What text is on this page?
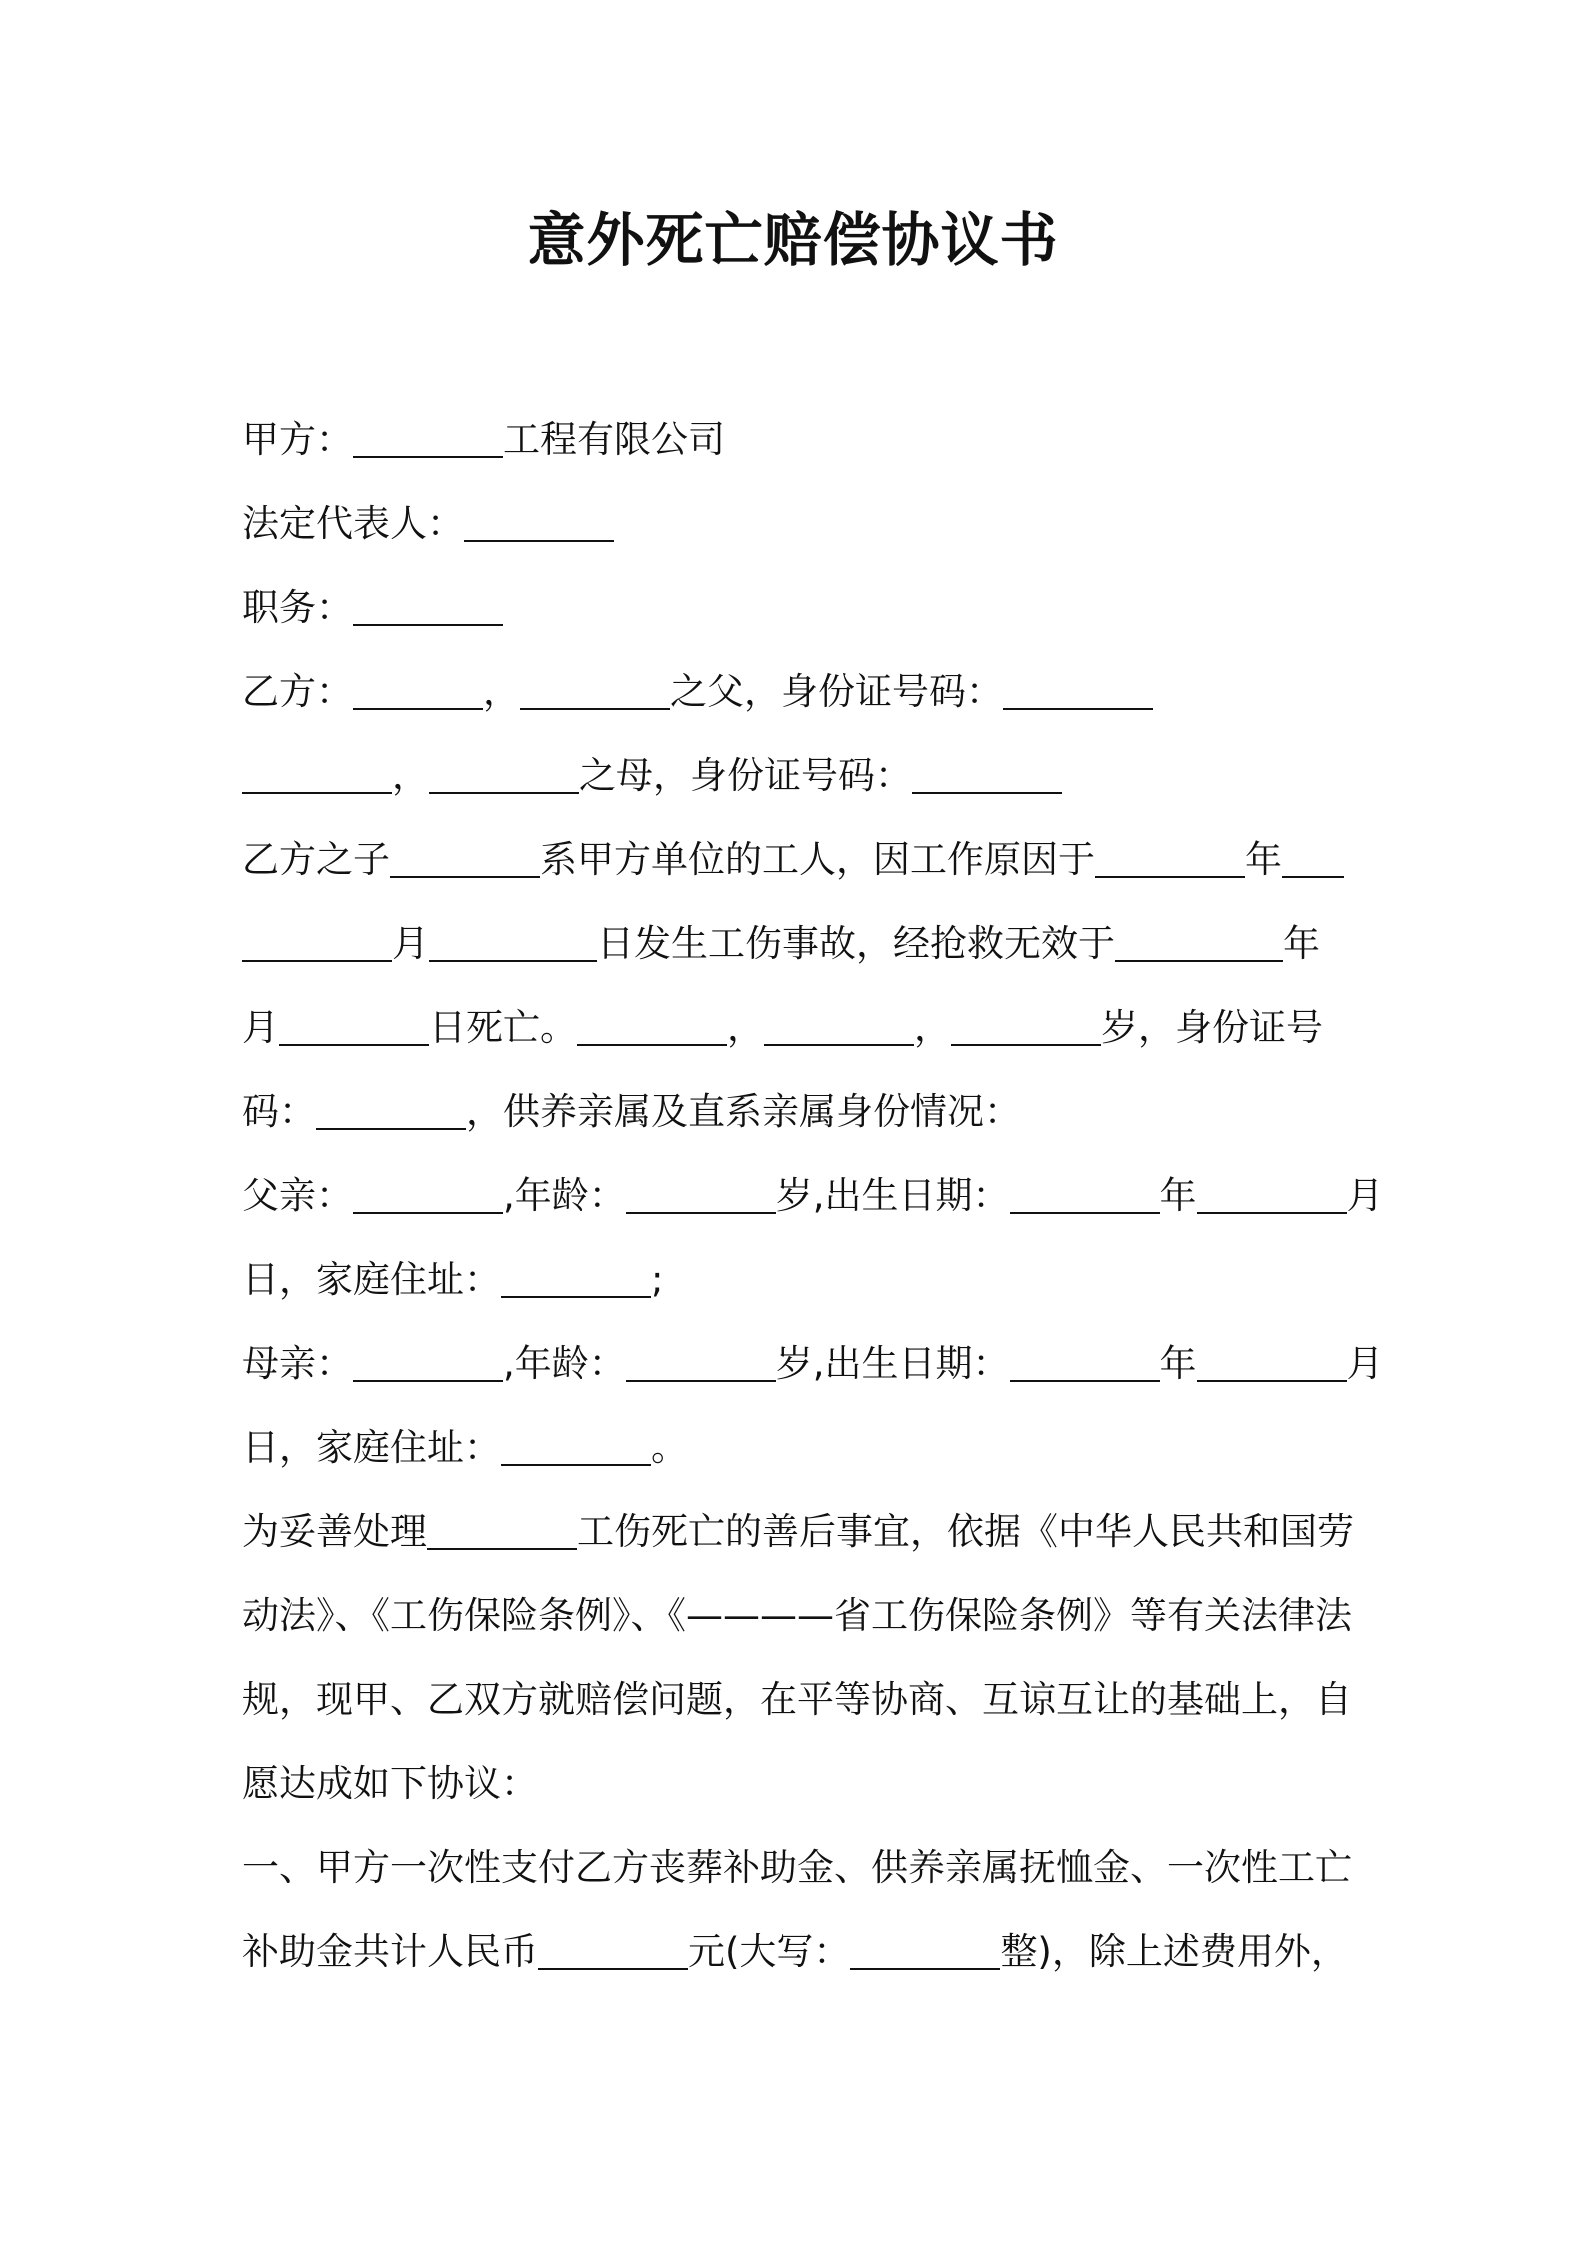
意外死亡赔偿协议书
甲方：	工程有限公司
法定代表人：
职务：
乙方：	，	之父，身份证号码：
，	之母，身份证号码：
乙方之子	系甲方单位的工人，因工作原因于	年
月	日发生工伤事故，经抢救无效于	年
月	日死亡。	，	，	岁，身份证号
码：	，供养亲属及直系亲属身份情况：
父亲：	,年龄：	岁,出生日期：	年	月
日，家庭住址：	;
母亲：	,年龄：	岁,出生日期：	年	月
日，家庭住址：	。
为妥善处理	工伤死亡的善后事宜，依据《中华人民共和国劳
动法》、《工伤保险条例》、《————省工伤保险条例》等有关法律法
规，现甲、乙双方就赔偿问题，在平等协商、互谅互让的基础上，自
愿达成如下协议：
一、甲方一次性支付乙方丧葬补助金、供养亲属抚恤金、一次性工亡
补助金共计人民币	元(大写：	整)，除上述费用外，
